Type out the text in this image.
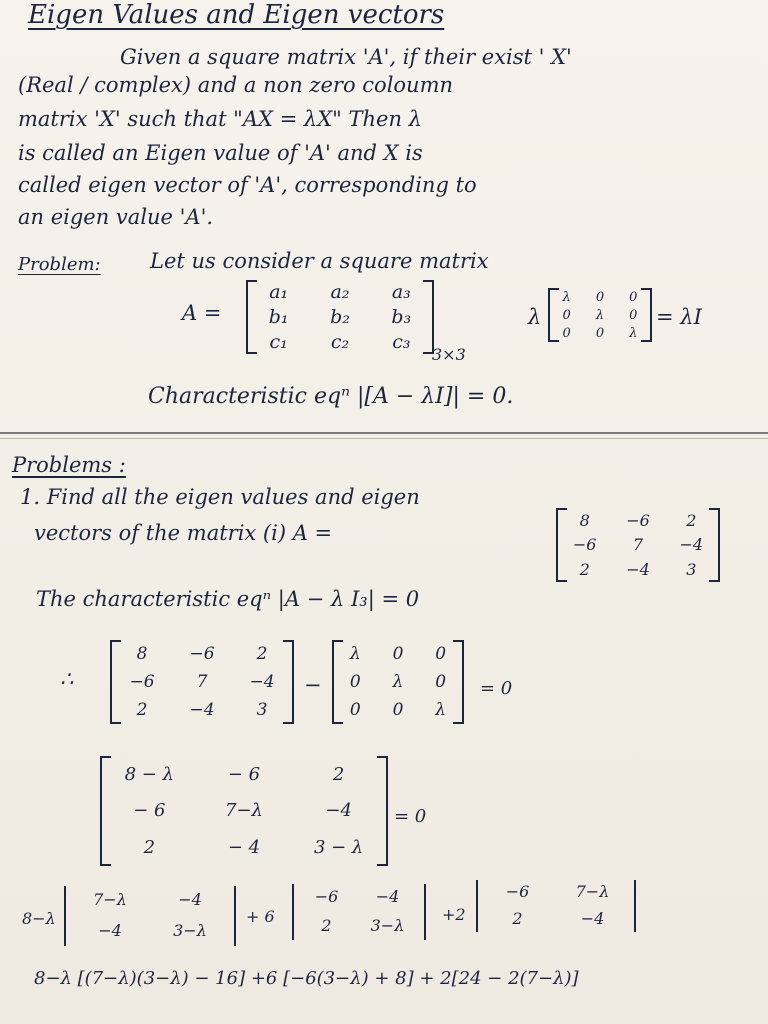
Eigen Values and Eigen vectors
Given a square matrix 'A', if their exist ' X'
(Real / complex) and a non zero coloumn
matrix 'X' such that "AX = λX" Then λ
is called an Eigen value of 'A' and X is
called eigen vector of 'A', corresponding to
an eigen value 'A'.
Problem: Let us consider a square matrix
A =
a₁ a₂ a₃
b₁ b₂ b₃
c₁ c₂ c₃
3×3
λ
λ 0 0
0 λ 0
0 0 λ
= λI
Characteristic eqⁿ |[A − λI]| = 0.
Problems :
1. Find all the eigen values and eigen
vectors of the matrix (i) A =
8 −6 2
−6 7 −4
2 −4 3
The characteristic eqⁿ |A − λ I₃| = 0
∴
8 −6 2
−6 7 −4
2 −4 3
−
λ 0 0
0 λ 0
0 0 λ
= 0
8 − λ	− 6	2
− 6	7−λ	−4
2	− 4	3 − λ
= 0
8−λ
7−λ	−4
−4	3−λ
+ 6
−6 −4
2 3−λ
+2
−6	7−λ
2	−4
8−λ [(7−λ)(3−λ) − 16] +6 [−6(3−λ) + 8] + 2[24 − 2(7−λ)]
